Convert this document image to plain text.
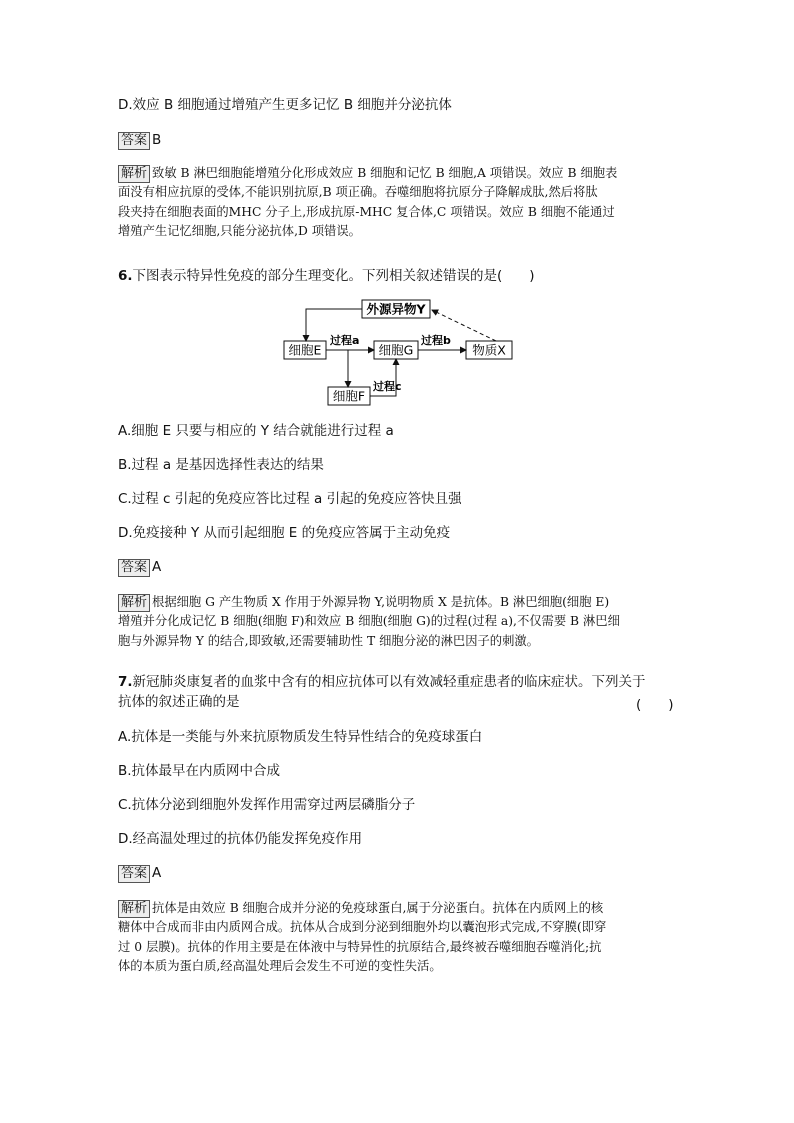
D.效应 B 细胞通过增殖产生更多记忆 B 细胞并分泌抗体
答案 B
解析 致敏 B 淋巴细胞能增殖分化形成效应 B 细胞和记忆 B 细胞,A 项错误。效应 B 细胞表
面没有相应抗原的受体,不能识别抗原,B 项正确。吞噬细胞将抗原分子降解成肽,然后将肽
段夹持在细胞表面的MHC 分子上,形成抗原-MHC 复合体,C 项错误。效应 B 细胞不能通过
增殖产生记忆细胞,只能分泌抗体,D 项错误。
6.下图表示特异性免疫的部分生理变化。下列相关叙述错误的是(　　)
外源异物Y
细胞E	细胞G	物质X
细胞F
过程a	过程b
过程c
A.细胞 E 只要与相应的 Y 结合就能进行过程 a
B.过程 a 是基因选择性表达的结果
C.过程 c 引起的免疫应答比过程 a 引起的免疫应答快且强
D.免疫接种 Y 从而引起细胞 E 的免疫应答属于主动免疫
答案 A
解析 根据细胞 G 产生物质 X 作用于外源异物 Y,说明物质 X 是抗体。B 淋巴细胞(细胞 E)
增殖并分化成记忆 B 细胞(细胞 F)和效应 B 细胞(细胞 G)的过程(过程 a),不仅需要 B 淋巴细
胞与外源异物 Y 的结合,即致敏,还需要辅助性 T 细胞分泌的淋巴因子的刺激。
7.新冠肺炎康复者的血浆中含有的相应抗体可以有效减轻重症患者的临床症状。下列关于
抗体的叙述正确的是	(　　)
A.抗体是一类能与外来抗原物质发生特异性结合的免疫球蛋白
B.抗体最早在内质网中合成
C.抗体分泌到细胞外发挥作用需穿过两层磷脂分子
D.经高温处理过的抗体仍能发挥免疫作用
答案 A
解析 抗体是由效应 B 细胞合成并分泌的免疫球蛋白,属于分泌蛋白。抗体在内质网上的核
糖体中合成而非由内质网合成。抗体从合成到分泌到细胞外均以囊泡形式完成,不穿膜(即穿
过 0 层膜)。抗体的作用主要是在体液中与特异性的抗原结合,最终被吞噬细胞吞噬消化;抗
体的本质为蛋白质,经高温处理后会发生不可逆的变性失活。
